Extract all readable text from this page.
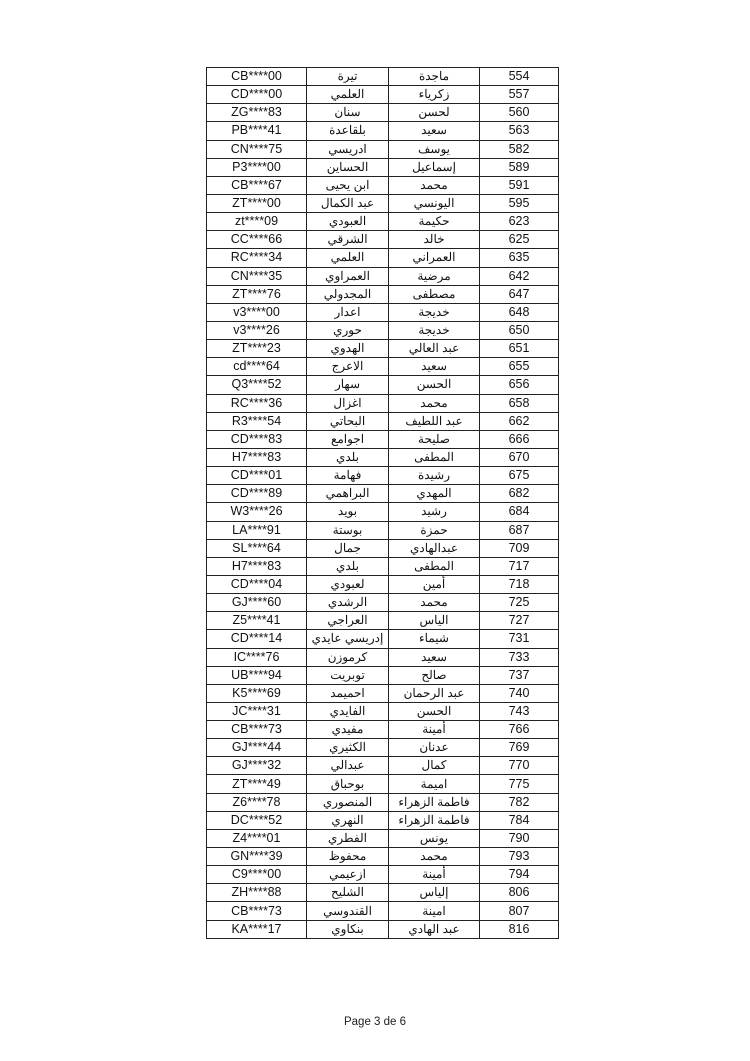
CB****00	تيرة	ماجدة	554
CD****00	العلمي	زكرياء	557
ZG****83	سنان	لحسن	560
PB****41	بلقاعدة	سعيد	563
CN****75	ادريسي	يوسف	582
P3****00	الحساين	إسماعيل	589
CB****67	ابن يحيى	محمد	591
ZT****00	عبد الكمال	اليونسي	595
zt****09	العبودي	حكيمة	623
CC****66	الشرقي	خالد	625
RC****34	العلمي	العمراني	635
CN****35	العمراوي	مرضية	642
ZT****76	المجدولي	مصطفى	647
v3****00	اعدار	خديجة	648
v3****26	حوري	خديجة	650
ZT****23	الهدوي	عبد العالي	651
cd****64	الاعرج	سعيد	655
Q3****52	سهار	الحسن	656
RC****36	اغزال	محمد	658
R3****54	البحاتي	عبد اللطيف	662
CD****83	اجوامع	صليحة	666
H7****83	بلدي	المطفى	670
CD****01	فهامة	رشيدة	675
CD****89	البراهمي	المهدي	682
W3****26	بويد	رشيد	684
LA****91	بوستة	حمزة	687
SL****64	جمال	عبدالهادي	709
H7****83	بلدي	المطفى	717
CD****04	لعبودي	أمين	718
GJ****60	الرشدي	محمد	725
Z5****41	العراجي	الياس	727
CD****14	إدريسي عايدي	شيماء	731
IC****76	كرموزن	سعيد	733
UB****94	توبريت	صالح	737
K5****69	احميمد	عبد الرحمان	740
JC****31	الفايدي	الحسن	743
CB****73	مفيدي	أمينة	766
GJ****44	الكثيري	عدنان	769
GJ****32	عبدالي	كمال	770
ZT****49	بوحباق	اميمة	775
Z6****78	المنصوري	فاطمة الزهراء	782
DC****52	النهري	فاطمة الزهراء	784
Z4****01	الفطري	يونس	790
GN****39	محفوظ	محمد	793
C9****00	ازعيمي	أمينة	794
ZH****88	الشليح	إلياس	806
CB****73	القندوسي	امينة	807
KA****17	بنكاوي	عبد الهادي	816
Page 3 de 6
